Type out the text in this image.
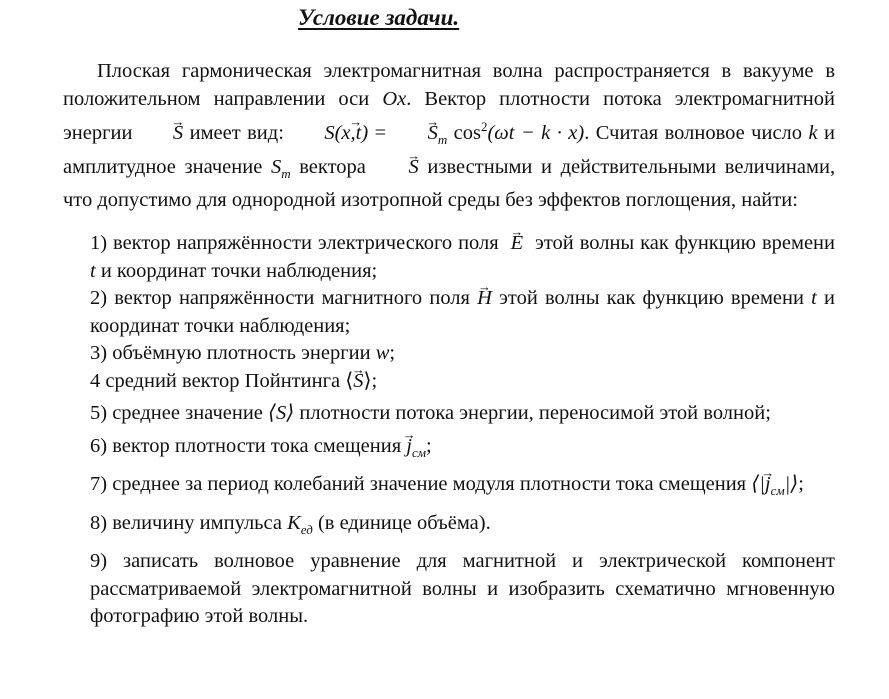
Условие задачи.

Плоская гармоническая электромагнитная волна распространяется в вакууме в положительном направлении оси Ox. Вектор плотности потока электромагнитной энергии → S имеет вид: → S(x,t) = → $S_m$ $\cos^2(\omega t - k \cdot x)$. Считая волновое число k и амплитудное значение $S_m$ вектора → S известными и действительными величинами, что допустимо для однородной изотропной среды без эффектов поглощения, найти:

1) вектор напряжённости электрического поля → E этой волны как функцию времени t и координат точки наблюдения;

2) вектор напряжённости магнитного поля → H этой волны как функцию времени t и координат точки наблюдения;

3) объёмную плотность энергии w;

4 средний вектор Пойнтинга ⟨→ S⟩;

5) среднее значение ⟨S⟩ плотности потока энергии, переносимой этой волной;

6) вектор плотности тока смещения → $j_{см}$;

7) среднее за период колебаний значение модуля плотности тока смещения ⟨|→ $j_{см}|⟩$;

8) величину импульса $K_{ед}$ (в единице объёма).

9) записать волновое уравнение для магнитной и электрической компонент рассматриваемой электромагнитной волны и изобразить схематично мгновенную фотографию этой волны.
